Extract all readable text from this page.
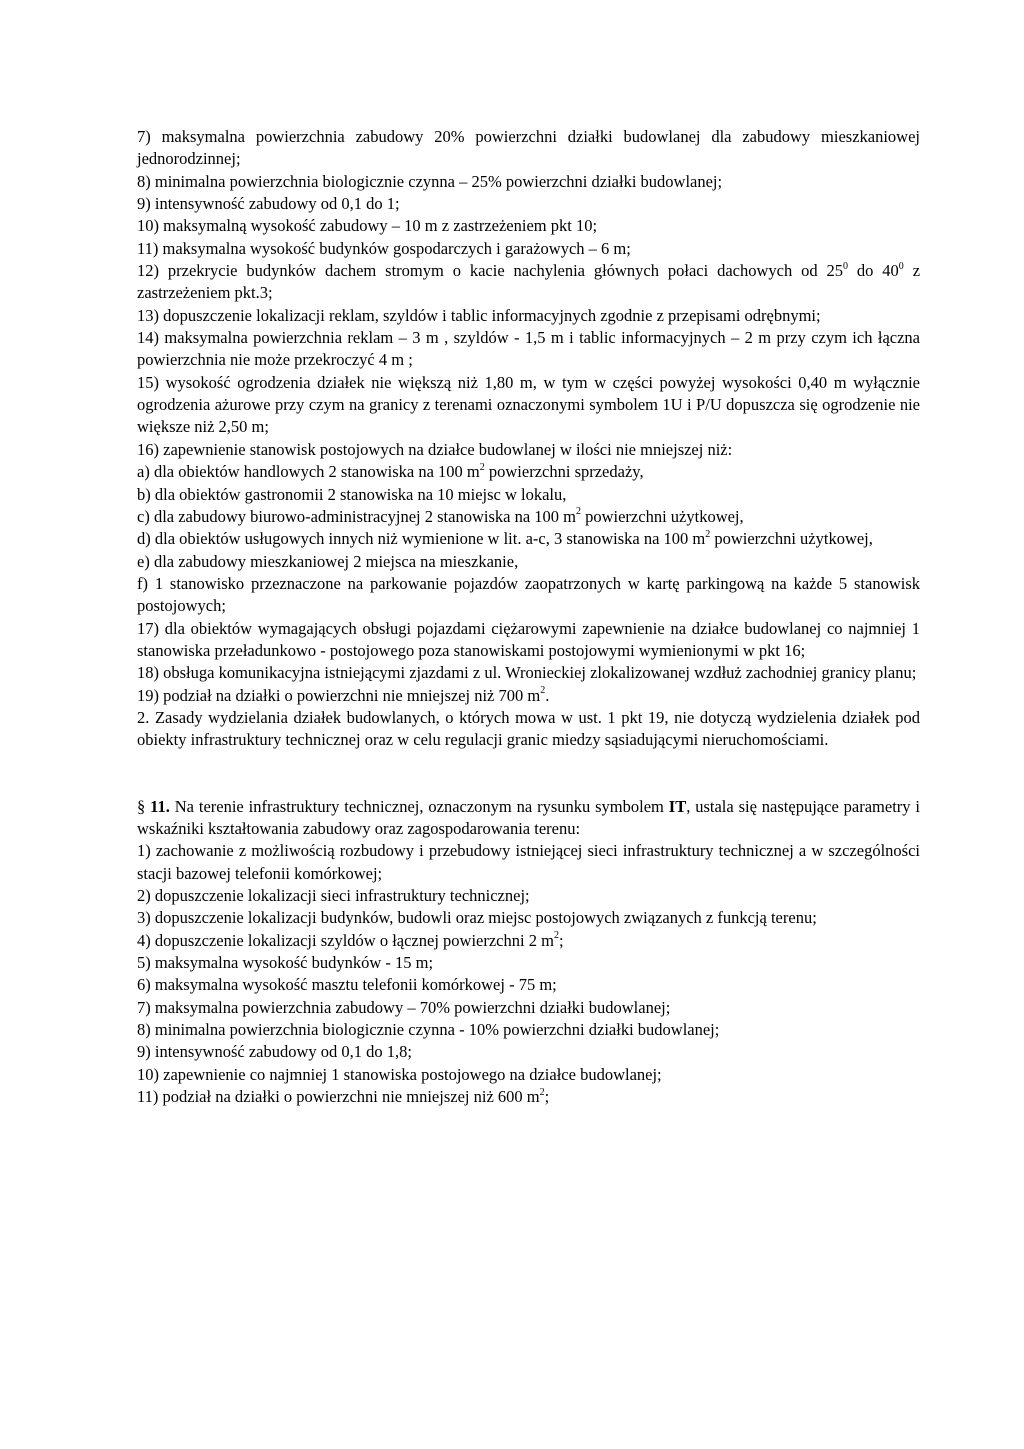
7) maksymalna powierzchnia zabudowy 20% powierzchni działki budowlanej dla zabudowy mieszkaniowej jednorodzinnej;

8) minimalna powierzchnia biologicznie czynna – 25% powierzchni działki budowlanej;

9) intensywność zabudowy od 0,1 do 1;

10) maksymalną wysokość zabudowy – 10 m z zastrzeżeniem pkt 10;

11) maksymalna wysokość budynków gospodarczych i garażowych – 6 m;

12) przekrycie budynków dachem stromym o kacie nachylenia głównych połaci dachowych od $25^0$ do $40^0$ z zastrzeżeniem pkt.3;

13) dopuszczenie lokalizacji reklam, szyldów i tablic informacyjnych zgodnie z przepisami odrębnymi;

14) maksymalna powierzchnia reklam – 3 m , szyldów - 1,5 m i tablic informacyjnych – 2 m przy czym ich łączna powierzchnia nie może przekroczyć 4 m ;

15) wysokość ogrodzenia działek nie większą niż 1,80 m, w tym w części powyżej wysokości 0,40 m wyłącznie ogrodzenia ażurowe przy czym na granicy z terenami oznaczonymi symbolem 1U i P/U dopuszcza się ogrodzenie nie większe niż 2,50 m;

16) zapewnienie stanowisk postojowych na działce budowlanej w ilości nie mniejszej niż:

a) dla obiektów handlowych 2 stanowiska na 100 $m^2$ powierzchni sprzedaży,

b) dla obiektów gastronomii 2 stanowiska na 10 miejsc w lokalu,

c) dla zabudowy biurowo-administracyjnej 2 stanowiska na 100 $m^2$ powierzchni użytkowej,

d) dla obiektów usługowych innych niż wymienione w lit. a-c, 3 stanowiska na 100 $m^2$ powierzchni użytkowej,

e) dla zabudowy mieszkaniowej 2 miejsca na mieszkanie,

f) 1 stanowisko przeznaczone na parkowanie pojazdów zaopatrzonych w kartę parkingową na każde 5 stanowisk postojowych;

17) dla obiektów wymagających obsługi pojazdami ciężarowymi zapewnienie na działce budowlanej co najmniej 1 stanowiska przeładunkowo - postojowego poza stanowiskami postojowymi wymienionymi w pkt 16;

18) obsługa komunikacyjna istniejącymi zjazdami z ul. Wronieckiej zlokalizowanej wzdłuż zachodniej granicy planu;

19) podział na działki o powierzchni nie mniejszej niż 700 $m^2$.

2. Zasady wydzielania działek budowlanych, o których mowa w ust. 1 pkt 19, nie dotyczą wydzielenia działek pod obiekty infrastruktury technicznej oraz w celu regulacji granic miedzy sąsiadującymi nieruchomościami.

§ 11. Na terenie infrastruktury technicznej, oznaczonym na rysunku symbolem IT, ustala się następujące parametry i wskaźniki kształtowania zabudowy oraz zagospodarowania terenu:

1) zachowanie z możliwością rozbudowy i przebudowy istniejącej sieci infrastruktury technicznej a w szczególności stacji bazowej telefonii komórkowej;

2) dopuszczenie lokalizacji sieci infrastruktury technicznej;

3) dopuszczenie lokalizacji budynków, budowli oraz miejsc postojowych związanych z funkcją terenu;

4) dopuszczenie lokalizacji szyldów o łącznej powierzchni 2 $m^2$;

5) maksymalna wysokość budynków - 15 m;

6) maksymalna wysokość masztu telefonii komórkowej - 75 m;

7) maksymalna powierzchnia zabudowy – 70% powierzchni działki budowlanej;

8) minimalna powierzchnia biologicznie czynna - 10% powierzchni działki budowlanej;

9) intensywność zabudowy od 0,1 do 1,8;

10) zapewnienie co najmniej 1 stanowiska postojowego na działce budowlanej;

11) podział na działki o powierzchni nie mniejszej niż 600 $m^2$;
